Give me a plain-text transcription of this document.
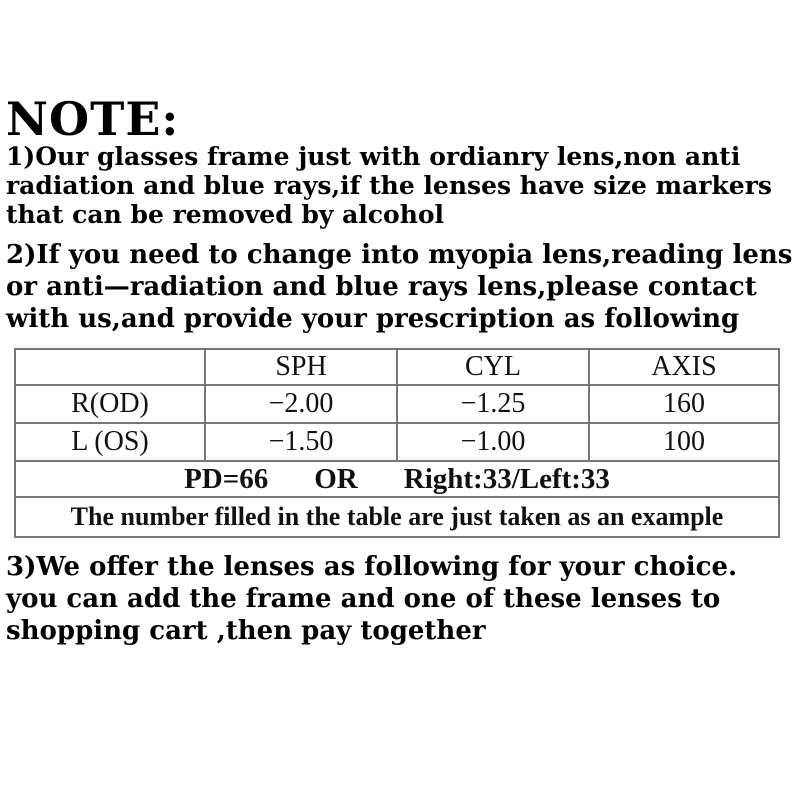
NOTE:
1)Our glasses frame just with ordianry lens,non anti
radiation and blue rays,if the lenses have size markers
that can be removed by alcohol
2)If you need to change into myopia lens,reading lens
or anti—radiation and blue rays lens,please contact
with us,and provide your prescription as following
	SPH	CYL	AXIS
R(OD)	−2.00	−1.25	160
L (OS)	−1.50	−1.00	100
PD=66 OR Right:33/Left:33			
The number filled in the table are just taken as an example			
3)We offer the lenses as following for your choice.
you can add the frame and one of these lenses to
shopping cart ,then pay together
